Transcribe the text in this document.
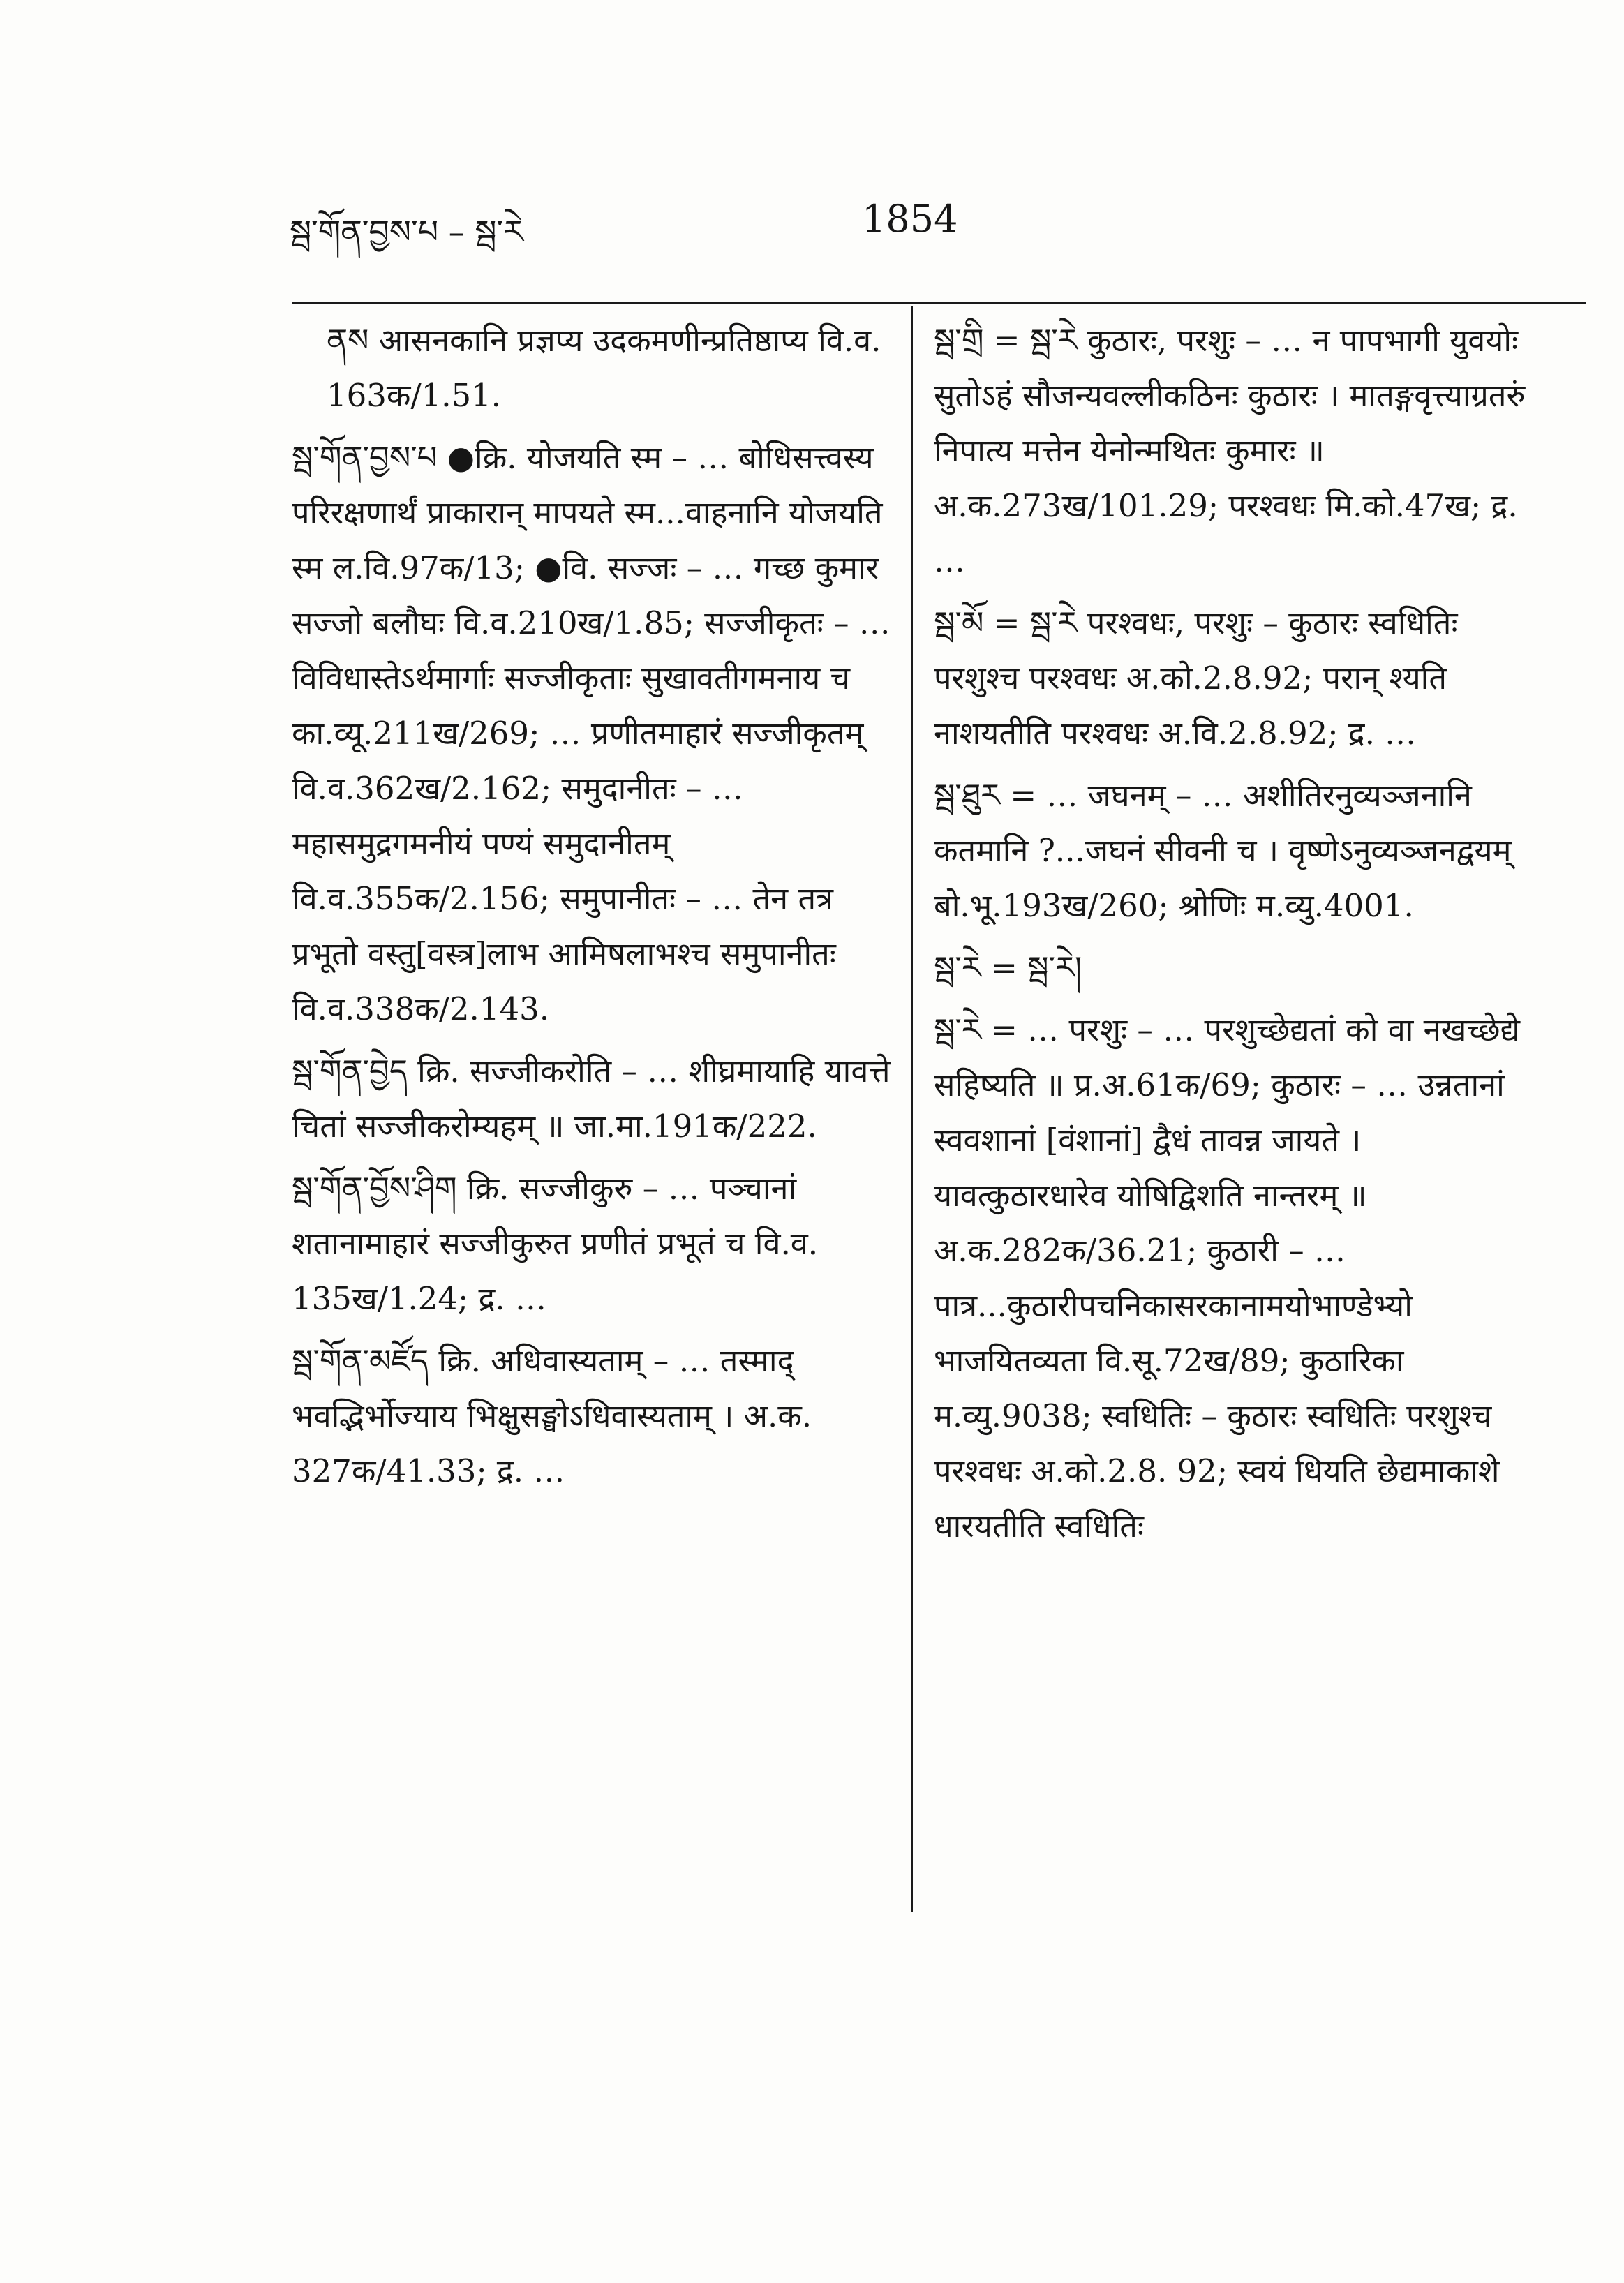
སྦ་གོན་བྱས་པ – སྦ་རེ	1854

ནས आसनकानि प्रज्ञप्य उदकमणीन्प्रतिष्ठाप्य वि.व. 163क/1.51.

སྦ་གོན་བྱས་པ ●क्रि. योजयति स्म – … बोधिसत्त्वस्य परिरक्षणार्थं प्राकारान् मापयते स्म...वाहनानि योजयति स्म ल.वि.97क/13; ●वि. सज्जः – … गच्छ कुमार सज्जो बलौघः वि.व.210ख/1.85; सज्जीकृतः – … विविधास्तेऽर्थमार्गाः सज्जीकृताः सुखावतीगमनाय च का.व्यू.211ख/269; … प्रणीतमाहारं सज्जीकृतम् वि.व.362ख/2.162; समुदानीतः – … महासमुद्रगमनीयं पण्यं समुदानीतम् वि.व.355क/2.156; समुपानीतः – … तेन तत्र प्रभूतो वस्तु[वस्त्र]लाभ आमिषलाभश्च समुपानीतः वि.व.338क/2.143.

སྦ་གོན་བྱེད क्रि. सज्जीकरोति – … शीघ्रमायाहि यावत्ते चितां सज्जीकरोम्यहम् ॥ जा.मा.191क/222.

སྦ་གོན་བྱོས་ཤིག क्रि. सज्जीकुरु – … पञ्चानां शतानामाहारं सज्जीकुरुत प्रणीतं प्रभूतं च वि.व. 135ख/1.24; द्र. …

སྦ་གོན་མཛོད क्रि. अधिवास्यताम् – … तस्माद् भवद्भिर्भोज्याय भिक्षुसङ्घोऽधिवास्यताम् । अ.क. 327क/41.33; द्र. …

སྦ་གྲི = སྦ་རེ कुठारः, परशुः – … न पापभागी युवयोः सुतोऽहं सौजन्यवल्लीकठिनः कुठारः । मातङ्गवृत्त्याग्रतरुं निपात्य मत्तेन येनोन्मथितः कुमारः ॥ अ.क.273ख/101.29; परश्वधः मि.को.47ख; द्र. …

སྦ་མོ = སྦ་རེ परश्वधः, परशुः – कुठारः स्वधितिः परशुश्च परश्वधः अ.को.2.8.92; परान् श्यति नाशयतीति परश्वधः अ.वि.2.8.92; द्र. …

སྦ་ཐུར = … जघनम् – … अशीतिरनुव्यञ्जनानि कतमानि ?...जघनं सीवनी च । वृष्णेऽनुव्यञ्जनद्वयम् बो.भू.193ख/260; श्रोणिः म.व्यु.4001.

སྦ་རེ = སྦ་རེ།

སྦ་རེ = … परशुः – … परशुच्छेद्यतां को वा नखच्छेद्ये सहिष्यति ॥ प्र.अ.61क/69; कुठारः – … उन्नतानां स्ववशानां [वंशानां] द्वैधं तावन्न जायते । यावत्कुठारधारेव योषिद्विशति नान्तरम् ॥ अ.क.282क/36.21; कुठारी – … पात्र...कुठारीपचनिकासरकानामयोभाण्डेभ्यो भाजयितव्यता वि.सू.72ख/89; कुठारिका म.व्यु.9038; स्वधितिः – कुठारः स्वधितिः परशुश्च परश्वधः अ.को.2.8. 92; स्वयं धियति छेद्यमाकाशे धारयतीति स्वधितिः
